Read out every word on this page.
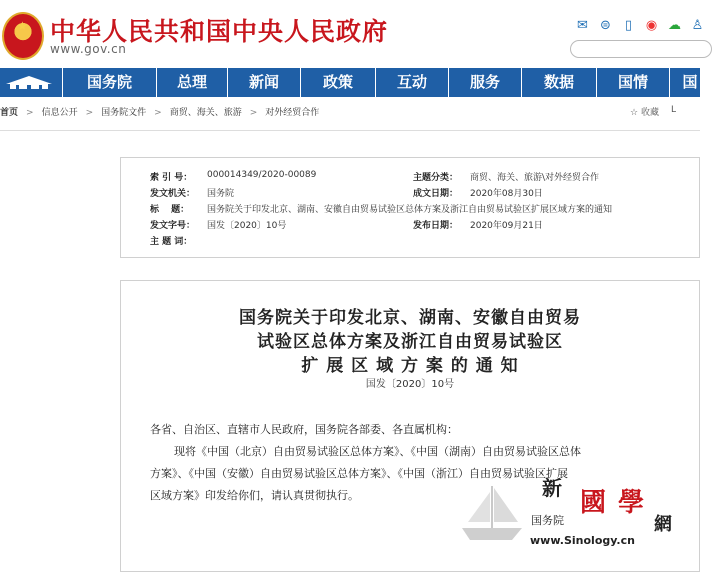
★ 中华人民共和国中央人民政府
www.gov.cn
✉ ⊜	▯	◉ ☁ ♙
国务院	总理	新闻	政策	互动	服务	数据	国情	国
首页 > 信息公开 > 国务院文件 > 商贸、海关、旅游 > 对外经贸合作	☆ 收藏 L
索 引 号： 000014349/2020-00089	主题分类： 商贸、海关、旅游\对外经贸合作
发文机关： 国务院	成文日期： 2020年08月30日
标　 题： 国务院关于印发北京、湖南、安徽自由贸易试验区总体方案及浙江自由贸易试验区扩展区域方案的通知
发文字号： 国发〔2020〕10号	发布日期： 2020年09月21日
主 题 词：
国务院关于印发北京、湖南、安徽自由贸易
试验区总体方案及浙江自由贸易试验区
扩 展 区 域 方 案 的 通 知
国发〔2020〕10号
各省、自治区、直辖市人民政府，国务院各部委、各直属机构：
现将《中国（北京）自由贸易试验区总体方案》、《中国（湖南）自由贸易试验区总体
方案》、《中国（安徽）自由贸易试验区总体方案》、《中国（浙江）自由贸易试验区扩展
区域方案》印发给你们，请认真贯彻执行。
国务院
新 國 學
網
www.Sinology.cn
